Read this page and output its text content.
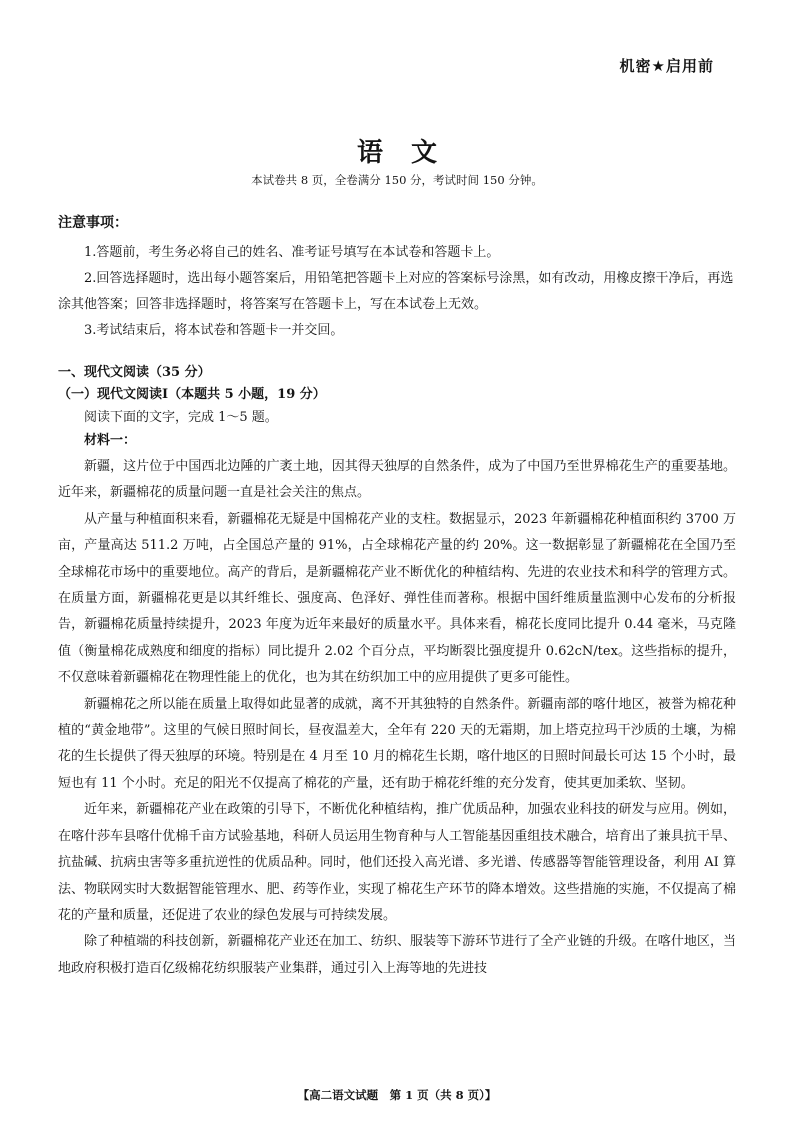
机密★启用前
语文
本试卷共 8 页，全卷满分 150 分，考试时间 150 分钟。
注意事项：

1.答题前，考生务必将自己的姓名、准考证号填写在本试卷和答题卡上。

2.回答选择题时，选出每小题答案后，用铅笔把答题卡上对应的答案标号涂黑，如有改动，用橡皮擦干净后，再选涂其他答案；回答非选择题时，将答案写在答题卡上，写在本试卷上无效。

3.考试结束后，将本试卷和答题卡一并交回。

一、现代文阅读（35 分）

（一）现代文阅读Ⅰ（本题共 5 小题，19 分）

阅读下面的文字，完成 1～5 题。

材料一：

新疆，这片位于中国西北边陲的广袤土地，因其得天独厚的自然条件，成为了中国乃至世界棉花生产的重要基地。近年来，新疆棉花的质量问题一直是社会关注的焦点。

从产量与种植面积来看，新疆棉花无疑是中国棉花产业的支柱。数据显示，2023 年新疆棉花种植面积约 3700 万亩，产量高达 511.2 万吨，占全国总产量的 91%，占全球棉花产量的约 20%。这一数据彰显了新疆棉花在全国乃至全球棉花市场中的重要地位。高产的背后，是新疆棉花产业不断优化的种植结构、先进的农业技术和科学的管理方式。在质量方面，新疆棉花更是以其纤维长、强度高、色泽好、弹性佳而著称。根据中国纤维质量监测中心发布的分析报告，新疆棉花质量持续提升，2023 年度为近年来最好的质量水平。具体来看，棉花长度同比提升 0.44 毫米，马克隆值（衡量棉花成熟度和细度的指标）同比提升 2.02 个百分点，平均断裂比强度提升 0.62cN/tex。这些指标的提升，不仅意味着新疆棉花在物理性能上的优化，也为其在纺织加工中的应用提供了更多可能性。

新疆棉花之所以能在质量上取得如此显著的成就，离不开其独特的自然条件。新疆南部的喀什地区，被誉为棉花种植的“黄金地带”。这里的气候日照时间长，昼夜温差大，全年有 220 天的无霜期，加上塔克拉玛干沙质的土壤，为棉花的生长提供了得天独厚的环境。特别是在 4 月至 10 月的棉花生长期，喀什地区的日照时间最长可达 15 个小时，最短也有 11 个小时。充足的阳光不仅提高了棉花的产量，还有助于棉花纤维的充分发育，使其更加柔软、坚韧。

近年来，新疆棉花产业在政策的引导下，不断优化种植结构，推广优质品种，加强农业科技的研发与应用。例如，在喀什莎车县喀什优棉千亩方试验基地，科研人员运用生物育种与人工智能基因重组技术融合，培育出了兼具抗干旱、抗盐碱、抗病虫害等多重抗逆性的优质品种。同时，他们还投入高光谱、多光谱、传感器等智能管理设备，利用 AI 算法、物联网实时大数据智能管理水、肥、药等作业，实现了棉花生产环节的降本增效。这些措施的实施，不仅提高了棉花的产量和质量，还促进了农业的绿色发展与可持续发展。

除了种植端的科技创新，新疆棉花产业还在加工、纺织、服装等下游环节进行了全产业链的升级。在喀什地区，当地政府积极打造百亿级棉花纺织服装产业集群，通过引入上海等地的先进技

【高二语文试题　第 1 页（共 8 页）】
